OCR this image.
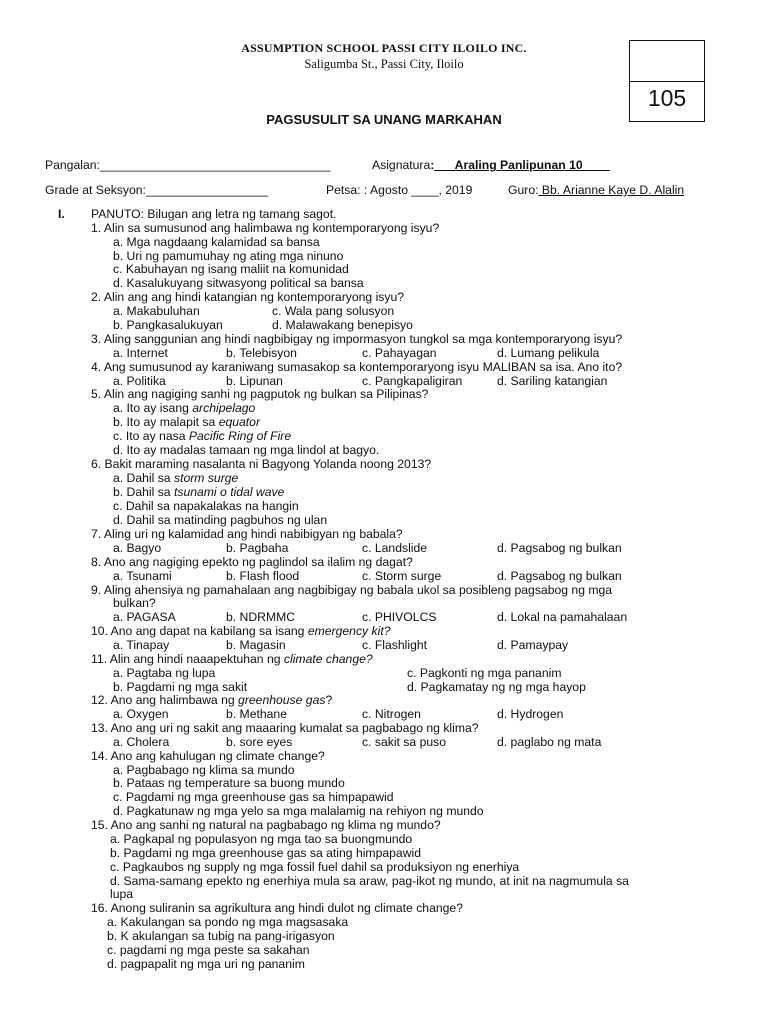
ASSUMPTION SCHOOL PASSI CITY ILOILO INC.
Saligumba St., Passi City, Iloilo
105
PAGSUSULIT SA UNANG MARKAHAN
Pangalan:__________________________________	Asignatura:___Araling Panlipunan 10____
Grade at Seksyon:__________________	Petsa: : Agosto ____, 2019	Guro: Bb. Arianne Kaye D. Alalin
I. PANUTO: Bilugan ang letra ng tamang sagot.
1. Alin sa sumusunod ang halimbawa ng kontemporaryong isyu?
a. Mga nagdaang kalamidad sa bansa
b. Uri ng pamumuhay ng ating mga ninuno
c. Kabuhayan ng isang maliit na komunidad
d. Kasalukuyang sitwasyong political sa bansa
2. Alin ang ang hindi katangian ng kontemporaryong isyu?
a. Makabuluhan	c. Wala pang solusyon
b. Pangkasalukuyan	d. Malawakang benepisyo
3. Aling sanggunian ang hindi nagbibigay ng impormasyon tungkol sa mga kontemporaryong isyu?
a. Internet	b. Telebisyon	c. Pahayagan	d. Lumang pelikula
4. Ang sumusunod ay karaniwang sumasakop sa kontemporaryong isyu MALIBAN sa isa. Ano ito?
a. Politika	b. Lipunan	c. Pangkapaligiran	d. Sariling katangian
5. Alin ang nagiging sanhi ng pagputok ng bulkan sa Pilipinas?
a. Ito ay isang archipelago
b. Ito ay malapit sa equator
c. Ito ay nasa Pacific Ring of Fire
d. Ito ay madalas tamaan ng mga lindol at bagyo.
6. Bakit maraming nasalanta ni Bagyong Yolanda noong 2013?
a. Dahil sa storm surge
b. Dahil sa tsunami o tidal wave
c. Dahil sa napakalakas na hangin
d. Dahil sa matinding pagbuhos ng ulan
7. Aling uri ng kalamidad ang hindi nabibigyan ng babala?
a. Bagyo	b. Pagbaha	c. Landslide	d. Pagsabog ng bulkan
8. Ano ang nagiging epekto ng paglindol sa ilalim ng dagat?
a. Tsunami	b. Flash flood	c. Storm surge	d. Pagsabog ng bulkan
9. Aling ahensiya ng pamahalaan ang nagbibigay ng babala ukol sa posibleng pagsabog ng mga
bulkan?
a. PAGASA	b. NDRMMC	c. PHIVOLCS	d. Lokal na pamahalaan
10. Ano ang dapat na kabilang sa isang emergency kit?
a. Tinapay	b. Magasin	c. Flashlight	d. Pamaypay
11. Alin ang hindi naaapektuhan ng climate change?
a. Pagtaba ng lupa	c. Pagkonti ng mga pananim
b. Pagdami ng mga sakit	d. Pagkamatay ng ng mga hayop
12. Ano ang halimbawa ng greenhouse gas?
a. Oxygen	b. Methane	c. Nitrogen	d. Hydrogen
13. Ano ang uri ng sakit ang maaaring kumalat sa pagbabago ng klima?
a. Cholera	b. sore eyes	c. sakit sa puso	d. paglabo ng mata
14. Ano ang kahulugan ng climate change?
a. Pagbabago ng klima sa mundo
b. Pataas ng temperature sa buong mundo
c. Pagdami ng mga greenhouse gas sa himpapawid
d. Pagkatunaw ng mga yelo sa mga malalamig na rehiyon ng mundo
15. Ano ang sanhi ng natural na pagbabago ng klima ng mundo?
a. Pagkapal ng populasyon ng mga tao sa buongmundo
b. Pagdami ng mga greenhouse gas sa ating himpapawid
c. Pagkaubos ng supply ng mga fossil fuel dahil sa produksiyon ng enerhiya
d. Sama-samang epekto ng enerhiya mula sa araw, pag-ikot ng mundo, at init na nagmumula sa
lupa
16. Anong suliranin sa agrikultura ang hindi dulot ng climate change?
a. Kakulangan sa pondo ng mga magsasaka
b. K akulangan sa tubig na pang-irigasyon
c. pagdami ng mga peste sa sakahan
d. pagpapalit ng mga uri ng pananim
